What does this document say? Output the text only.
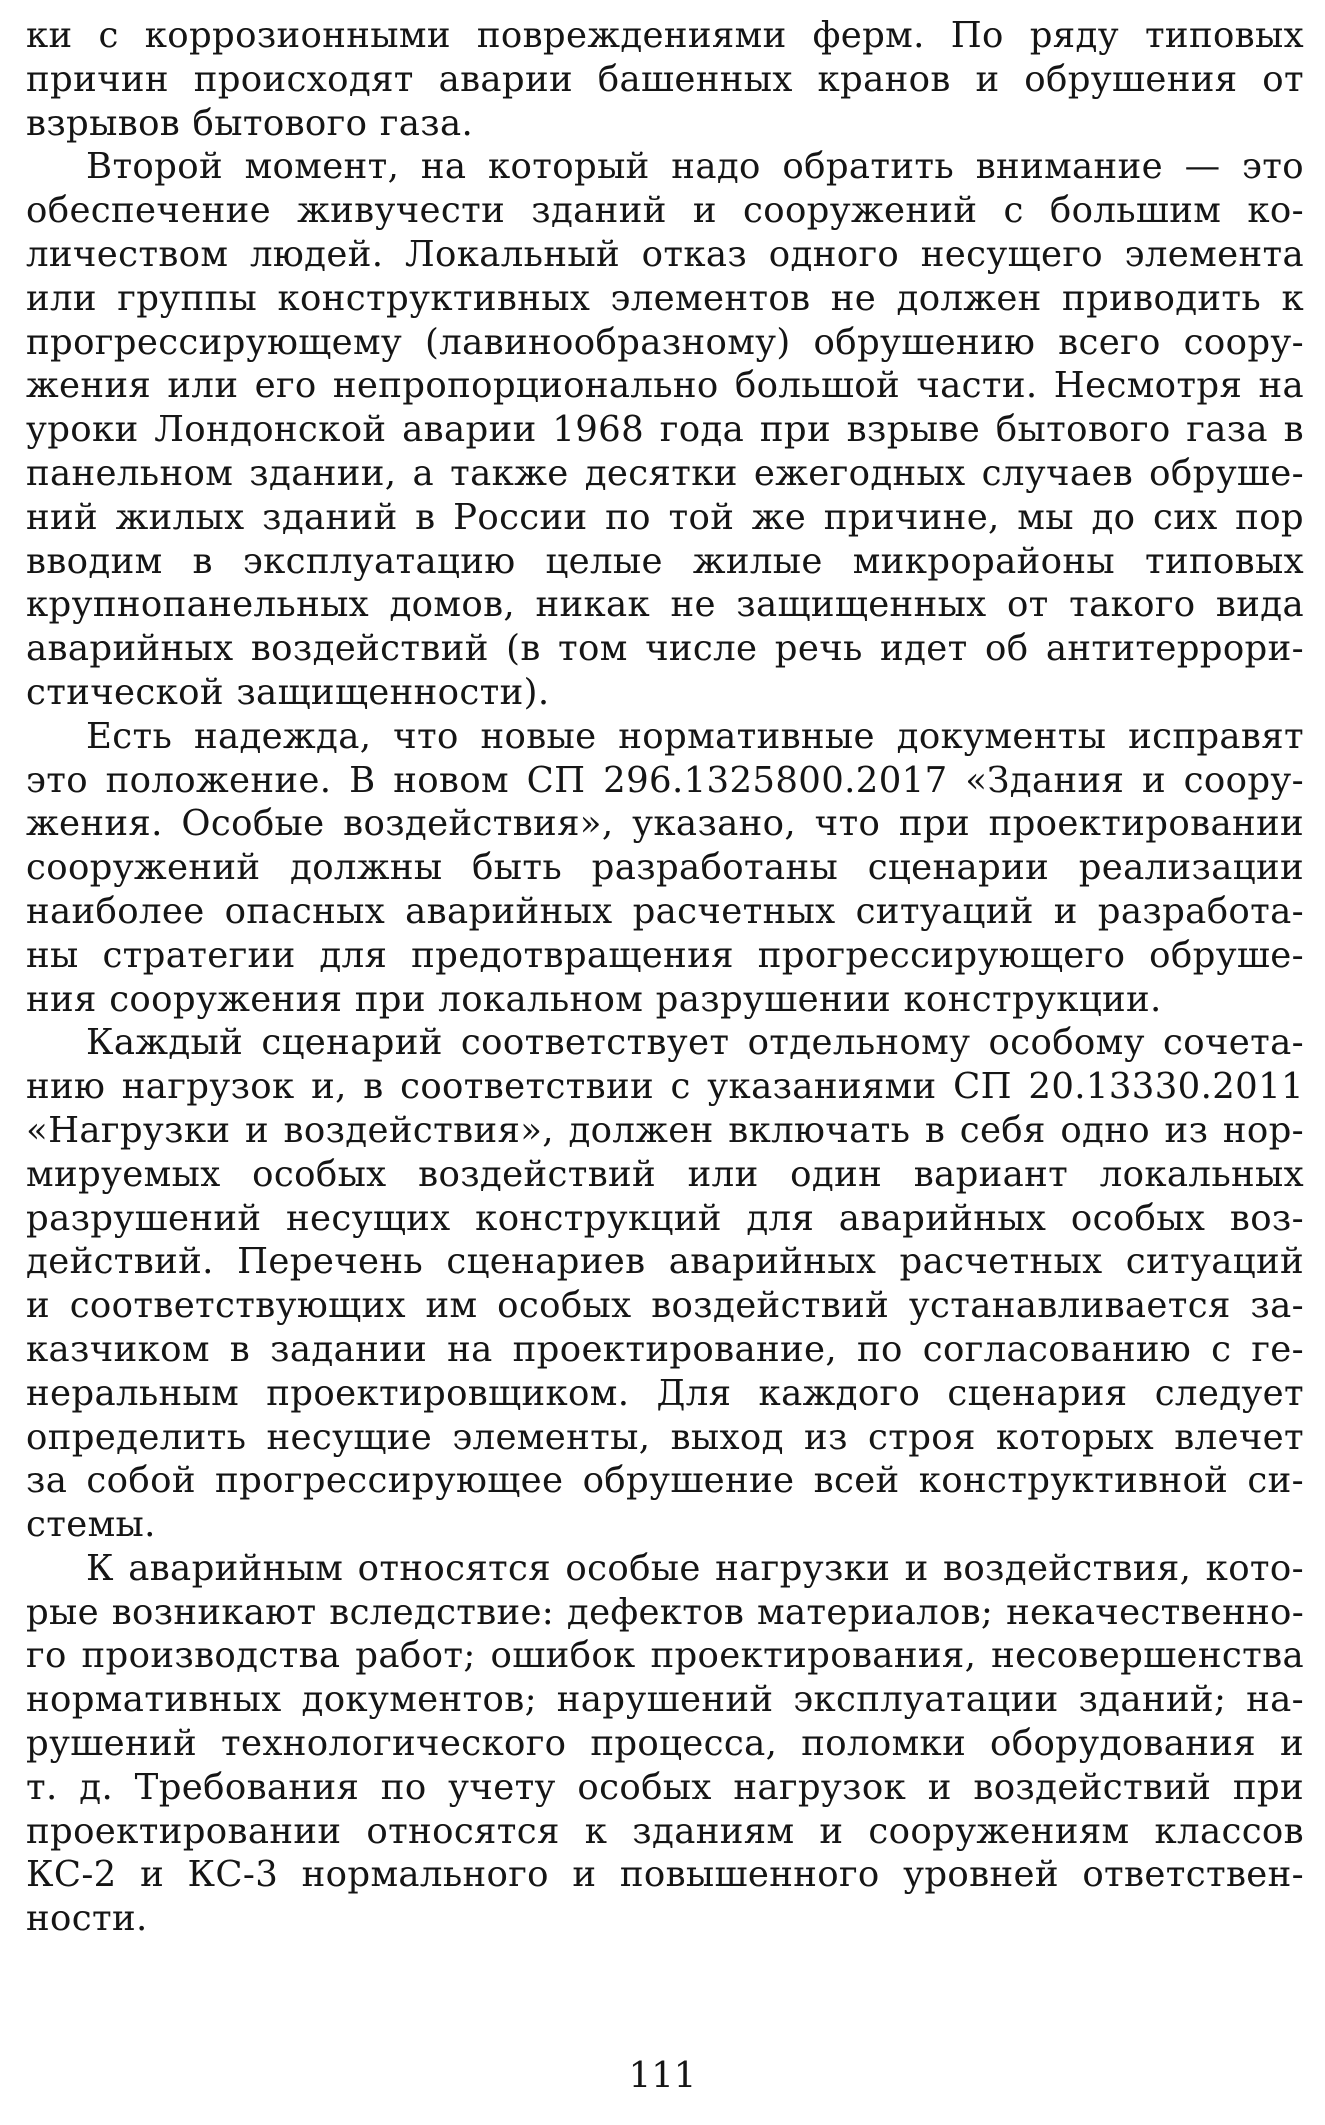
ки с коррозионными повреждениями ферм. По ряду типовых
причин происходят аварии башенных кранов и обрушения от
взрывов бытового газа.
Второй момент, на который надо обратить внимание — это
обеспечение живучести зданий и сооружений с большим ко-
личеством людей. Локальный отказ одного несущего элемента
или группы конструктивных элементов не должен приводить к
прогрессирующему (лавинообразному) обрушению всего соору-
жения или его непропорционально большой части. Несмотря на
уроки Лондонской аварии 1968 года при взрыве бытового газа в
панельном здании, а также десятки ежегодных случаев обруше-
ний жилых зданий в России по той же причине, мы до сих пор
вводим в эксплуатацию целые жилые микрорайоны типовых
крупнопанельных домов, никак не защищенных от такого вида
аварийных воздействий (в том числе речь идет об антитеррори-
стической защищенности).
Есть надежда, что новые нормативные документы исправят
это положение. В новом СП 296.1325800.2017 «Здания и соору-
жения. Особые воздействия», указано, что при проектировании
сооружений должны быть разработаны сценарии реализации
наиболее опасных аварийных расчетных ситуаций и разработа-
ны стратегии для предотвращения прогрессирующего обруше-
ния сооружения при локальном разрушении конструкции.
Каждый сценарий соответствует отдельному особому сочета-
нию нагрузок и, в соответствии с указаниями СП 20.13330.2011
«Нагрузки и воздействия», должен включать в себя одно из нор-
мируемых особых воздействий или один вариант локальных
разрушений несущих конструкций для аварийных особых воз-
действий. Перечень сценариев аварийных расчетных ситуаций
и соответствующих им особых воздействий устанавливается за-
казчиком в задании на проектирование, по согласованию с ге-
неральным проектировщиком. Для каждого сценария следует
определить несущие элементы, выход из строя которых влечет
за собой прогрессирующее обрушение всей конструктивной си-
стемы.
К аварийным относятся особые нагрузки и воздействия, кото-
рые возникают вследствие: дефектов материалов; некачественно-
го производства работ; ошибок проектирования, несовершенства
нормативных документов; нарушений эксплуатации зданий; на-
рушений технологического процесса, поломки оборудования и
т. д. Требования по учету особых нагрузок и воздействий при
проектировании относятся к зданиям и сооружениям классов
КС-2 и КС-3 нормального и повышенного уровней ответствен-
ности.
111
